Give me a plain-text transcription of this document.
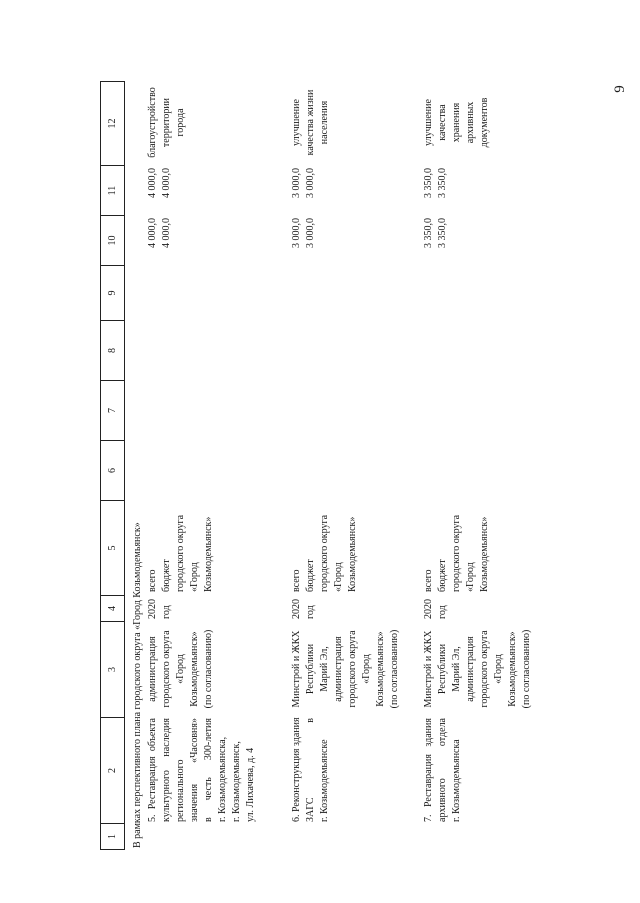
9
1
2
3
4
5
6
7
8
9
10
11
12
В рамках перспективного плана городского округа «Город Козьмодемьянск» 5. Реставрация объекта культурного наследия регионального значения «Часовня» в честь 300-летия г. Козьмодемьянска, г. Козьмодемьянск, ул. Лихачева, д. 4
администрация городского округа «Город Козьмодемьянск» (по согласованию)
2020 год
всего бюджет городского округа «Город Козьмодемьянск»
4 000,0 4 000,0
4 000,0 4 000,0
благоустройство территории города
6. Реконструкция здания ЗАГС в г. Козьмодемьянске
Минстрой и ЖКХ Республики Марий Эл, администрация городского округа «Город Козьмодемьянск» (по согласованию)
2020 год
всего бюджет городского округа «Город Козьмодемьянск»
3 000,0 3 000,0
3 000,0 3 000,0
улучшение качества жизни населения
7. Реставрация здания архивного отдела г. Козьмодемьянска
Минстрой и ЖКХ Республики Марий Эл, администрация городского округа «Город Козьмодемьянск» (по согласованию)
2020 год
всего бюджет городского округа «Город Козьмодемьянск»
3 350,0 3 350,0
3 350,0 3 350,0
улучшение качества хранения архивных документов
